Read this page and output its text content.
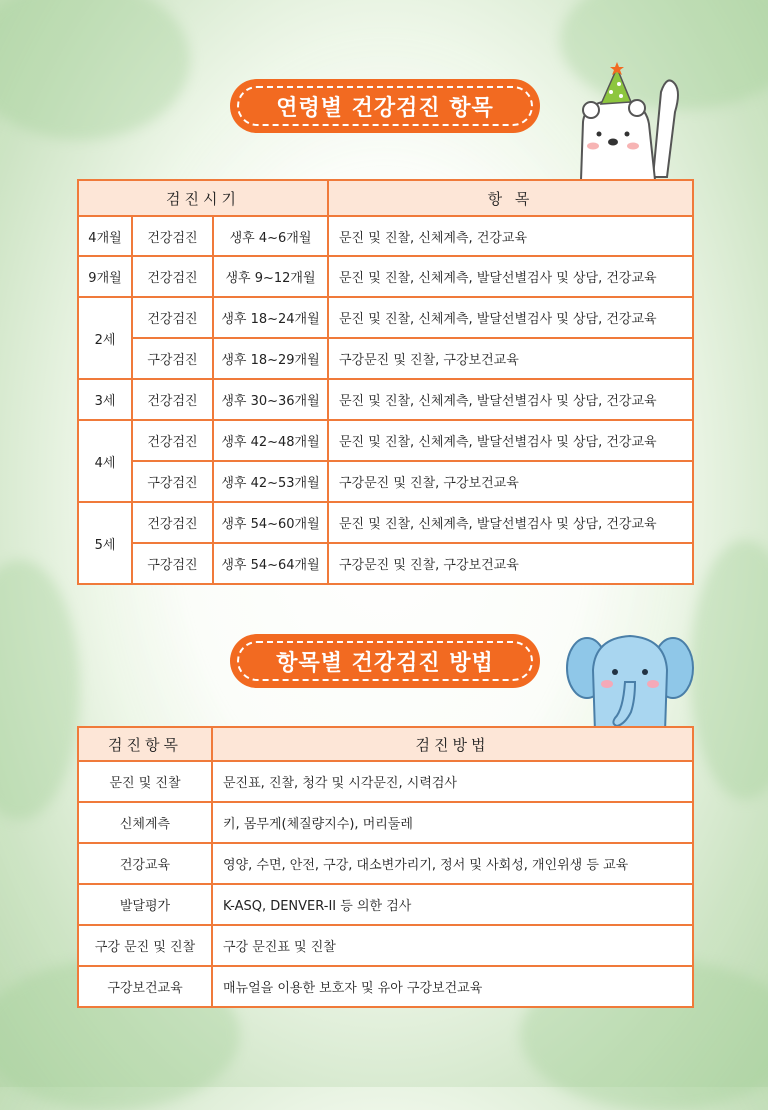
연령별 건강검진 항목
검진시기			항 목
4개월	건강검진	생후 4~6개월	문진 및 진찰, 신체계측, 건강교육
9개월	건강검진	생후 9~12개월	문진 및 진찰, 신체계측, 발달선별검사 및 상담, 건강교육
2세	건강검진	생후 18~24개월	문진 및 진찰, 신체계측, 발달선별검사 및 상담, 건강교육
	구강검진	생후 18~29개월	구강문진 및 진찰, 구강보건교육
3세	건강검진	생후 30~36개월	문진 및 진찰, 신체계측, 발달선별검사 및 상담, 건강교육
4세	건강검진	생후 42~48개월	문진 및 진찰, 신체계측, 발달선별검사 및 상담, 건강교육
	구강검진	생후 42~53개월	구강문진 및 진찰, 구강보건교육
5세	건강검진	생후 54~60개월	문진 및 진찰, 신체계측, 발달선별검사 및 상담, 건강교육
	구강검진	생후 54~64개월	구강문진 및 진찰, 구강보건교육
항목별 건강검진 방법
검진항목	검진방법
문진 및 진찰	문진표, 진찰, 청각 및 시각문진, 시력검사
신체계측	키, 몸무게(체질량지수), 머리둘레
건강교육	영양, 수면, 안전, 구강, 대소변가리기, 정서 및 사회성, 개인위생 등 교육
발달평가	K-ASQ, DENVER-II 등 의한 검사
구강 문진 및 진찰	구강 문진표 및 진찰
구강보건교육	매뉴얼을 이용한 보호자 및 유아 구강보건교육
